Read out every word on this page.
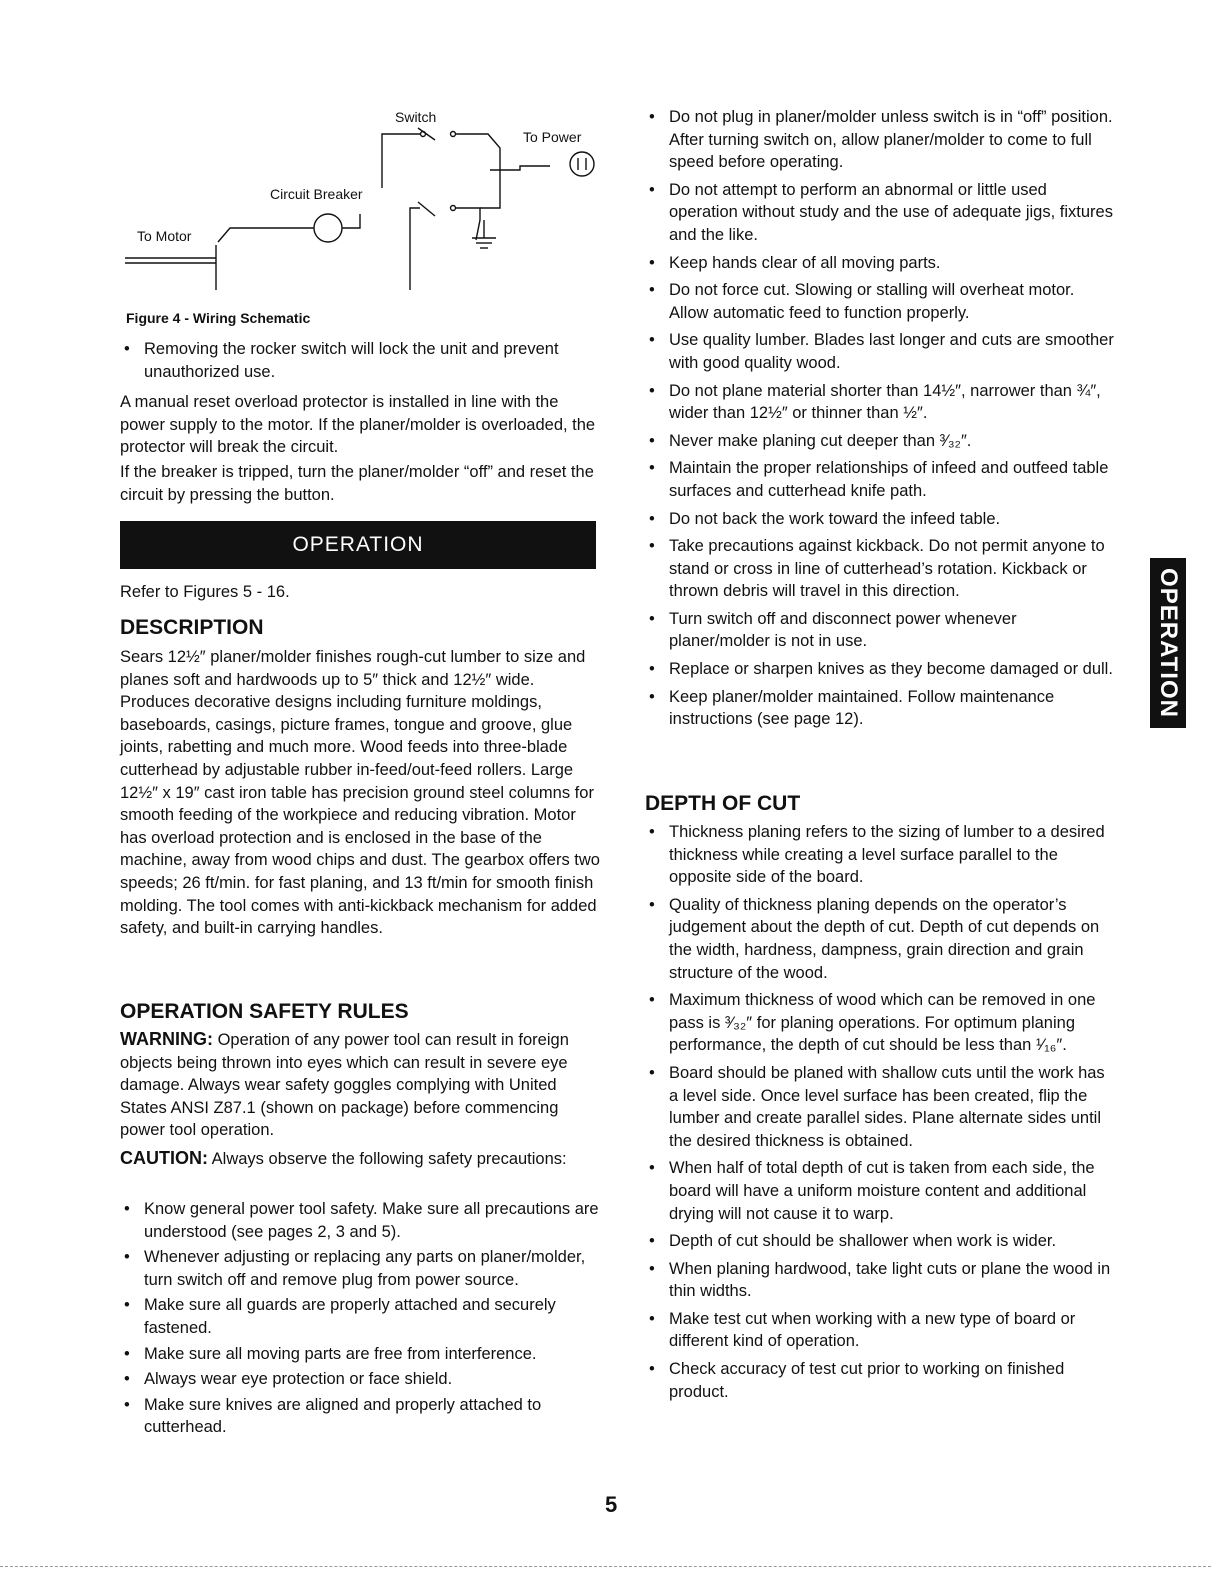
Switch
To Power
Circuit Breaker
To Motor
Figure 4 - Wiring Schematic
• Removing the rocker switch will lock the unit and prevent unauthorized use.

A manual reset overload protector is installed in line with the power supply to the motor. If the planer/molder is overloaded, the protector will break the circuit.

If the breaker is tripped, turn the planer/molder “off” and reset the circuit by pressing the button.

Refer to Figures 5 - 16.

DESCRIPTION

Sears 12½″ planer/molder finishes rough-cut lumber to size and planes soft and hardwoods up to 5″ thick and 12½″ wide. Produces decorative designs including furniture moldings, baseboards, casings, picture frames, tongue and groove, glue joints, rabetting and much more. Wood feeds into three-blade cutterhead by adjustable rubber in-feed/out-feed rollers. Large 12½″ x 19″ cast iron table has precision ground steel columns for smooth feeding of the workpiece and reducing vibration. Motor has overload protection and is enclosed in the base of the machine, away from wood chips and dust. The gearbox offers two speeds; 26 ft/min. for fast planing, and 13 ft/min for smooth finish molding. The tool comes with anti-kickback mechanism for added safety, and built-in carrying handles.

OPERATION SAFETY RULES

WARNING: Operation of any power tool can result in foreign objects being thrown into eyes which can result in severe eye damage. Always wear safety goggles complying with United States ANSI Z87.1 (shown on package) before commencing power tool operation.

CAUTION: Always observe the following safety precautions:

• Know general power tool safety. Make sure all precautions are understood (see pages 2, 3 and 5).
• Whenever adjusting or replacing any parts on planer/molder, turn switch off and remove plug from power source.
• Make sure all guards are properly attached and securely fastened.
• Make sure all moving parts are free from interference.
• Always wear eye protection or face shield.
• Make sure knives are aligned and properly attached to cutterhead.
OPERATION
• Do not plug in planer/molder unless switch is in “off” position. After turning switch on, allow planer/molder to come to full speed before operating.
• Do not attempt to perform an abnormal or little used operation without study and the use of adequate jigs, fixtures and the like.
• Keep hands clear of all moving parts.
• Do not force cut. Slowing or stalling will overheat motor. Allow automatic feed to function properly.
• Use quality lumber. Blades last longer and cuts are smoother with good quality wood.
• Do not plane material shorter than 14½″, narrower than ¾″, wider than 12½″ or thinner than ½″.
• Never make planing cut deeper than ³⁄₃₂″.
• Maintain the proper relationships of infeed and outfeed table surfaces and cutterhead knife path.
• Do not back the work toward the infeed table.
• Take precautions against kickback. Do not permit anyone to stand or cross in line of cutterhead’s rotation. Kickback or thrown debris will travel in this direction.
• Turn switch off and disconnect power whenever planer/molder is not in use.
• Replace or sharpen knives as they become damaged or dull.
• Keep planer/molder maintained. Follow maintenance instructions (see page 12).
DEPTH OF CUT
• Thickness planing refers to the sizing of lumber to a desired thickness while creating a level surface parallel to the opposite side of the board.
• Quality of thickness planing depends on the operator’s judgement about the depth of cut. Depth of cut depends on the width, hardness, dampness, grain direction and grain structure of the wood.
• Maximum thickness of wood which can be removed in one pass is ³⁄₃₂″ for planing operations. For optimum planing performance, the depth of cut should be less than ¹⁄₁₆″.
• Board should be planed with shallow cuts until the work has a level side. Once level surface has been created, flip the lumber and create parallel sides. Plane alternate sides until the desired thickness is obtained.
• When half of total depth of cut is taken from each side, the board will have a uniform moisture content and additional drying will not cause it to warp.
• Depth of cut should be shallower when work is wider.
• When planing hardwood, take light cuts or plane the wood in thin widths.
• Make test cut when working with a new type of board or different kind of operation.
• Check accuracy of test cut prior to working on finished product.
OPERATION
5
